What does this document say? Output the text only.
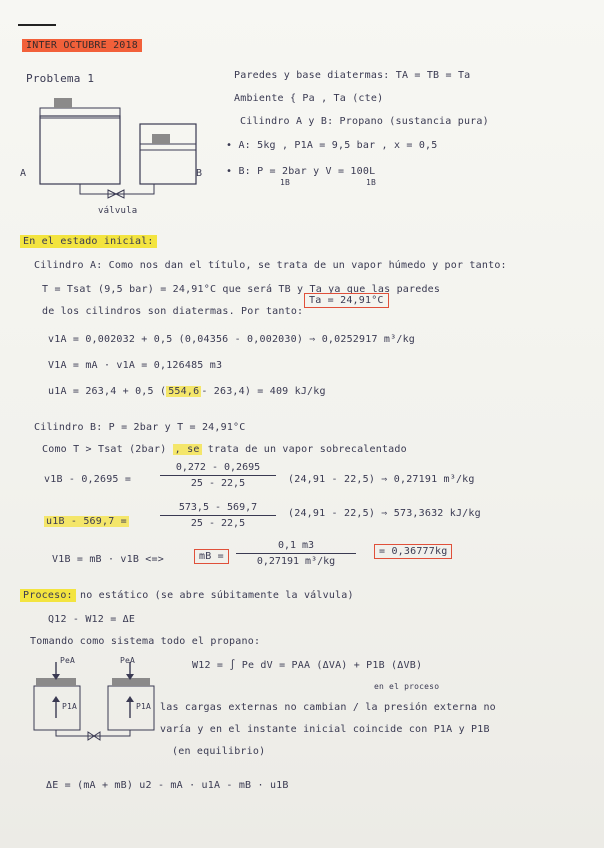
INTER OCTUBRE 2018
Problema 1
A	B
válvula
Paredes y base diatermas: TA = TB = Ta
Ambiente { Pa , Ta (cte)
Cilindro A y B: Propano (sustancia pura)
• A: 5kg , P1A = 9,5 bar , x = 0,5
• B: P = 2bar y V = 100L
1B	1B
En el estado inicial:
Cilindro A: Como nos dan el título, se trata de un vapor húmedo y por tanto:
T = Tsat (9,5 bar) = 24,91°C que será TB y Ta ya que las paredes
de los cilindros son diatermas. Por tanto:
Ta = 24,91°C
v1A = 0,002032 + 0,5 (0,04356 - 0,002030) ⇒ 0,0252917 m³/kg
V1A = mA · v1A = 0,126485 m3
u1A = 263,4 + 0,5 ( 554,6 - 263,4) = 409 kJ/kg
Cilindro B: P = 2bar y T = 24,91°C
Como T > Tsat (2bar) , se trata de un vapor sobrecalentado
v1B - 0,2695 =
0,272 - 0,2695
25 - 22,5	(24,91 - 22,5) ⇒ 0,27191 m³/kg
u1B - 569,7 =
573,5 - 569,7
25 - 22,5
(24,91 - 22,5) ⇒ 573,3632 kJ/kg
V1B = mB · v1B <=>	mB =
0,1 m3
0,27191 m³/kg
= 0,36777kg
Proceso: no estático (se abre súbitamente la válvula)
Q12 - W12 = ΔE
Tomando como sistema todo el propano:
PeA	PeA
P1A	P1A
W12 = ∫ Pe dV = PAA (ΔVA) + P1B (ΔVB)
en el proceso
las cargas externas no cambian / la presión externa no
varía y en el instante inicial coincide con P1A y P1B
(en equilibrio)
ΔE = (mA + mB) u2 - mA · u1A - mB · u1B
